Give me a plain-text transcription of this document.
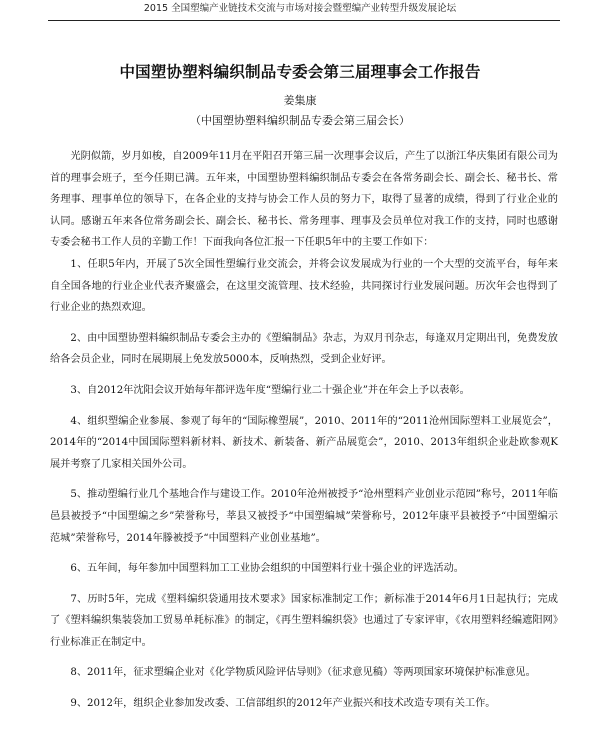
2015 全国塑编产业链技术交流与市场对接会暨塑编产业转型升级发展论坛
中国塑协塑料编织制品专委会第三届理事会工作报告
姜集康
（中国塑协塑料编织制品专委会第三届会长）

光阴似箭，岁月如梭，自2009年11月在平阳召开第三届一次理事会议后，产生了以浙江华庆集团有限公司为首的理事会班子，至今任期已满。五年来，中国塑协塑料编织制品专委会在各常务副会长、副会长、秘书长、常务理事、理事单位的领导下，在各企业的支持与协会工作人员的努力下，取得了显著的成绩，得到了行业企业的认同。感谢五年来各位常务副会长、副会长、秘书长、常务理事、理事及会员单位对我工作的支持，同时也感谢专委会秘书工作人员的辛勤工作！下面我向各位汇报一下任职5年中的主要工作如下：

1、任职5年内，开展了5次全国性塑编行业交流会，并将会议发展成为行业的一个大型的交流平台，每年来自全国各地的行业企业代表齐聚盛会，在这里交流管理、技术经验，共同探讨行业发展问题。历次年会也得到了行业企业的热烈欢迎。

2、由中国塑协塑料编织制品专委会主办的《塑编制品》杂志，为双月刊杂志，每逢双月定期出刊，免费发放给各会员企业，同时在展期展上免发放5000本，反响热烈，受到企业好评。

3、自2012年沈阳会议开始每年都评选年度“塑编行业二十强企业”并在年会上予以表彰。

4、组织塑编企业参展、参观了每年的“国际橡塑展”，2010、2011年的“2011沧州国际塑料工业展览会”，2014年的“2014中国国际塑料新材料、新技术、新装备、新产品展览会”，2010、2013年组织企业赴欧参观K展并考察了几家相关国外公司。

5、推动塑编行业几个基地合作与建设工作。2010年沧州被授予“沧州塑料产业创业示范园”称号，2011年临邑县被授予“中国塑编之乡”荣誉称号，莘县又被授予“中国塑编城”荣誉称号，2012年康平县被授予“中国塑编示范城”荣誉称号，2014年滕被授予“中国塑料产业创业基地”。

6、五年间，每年参加中国塑料加工工业协会组织的中国塑料行业十强企业的评选活动。

7、历时5年，完成《塑料编织袋通用技术要求》国家标准制定工作；新标准于2014年6月1日起执行；完成了《塑料编织集装袋加工贸易单耗标准》的制定，《再生塑料编织袋》也通过了专家评审，《农用塑料经编遮阳网》行业标准正在制定中。

8、2011年，征求塑编企业对《化学物质风险评估导则》（征求意见稿）等两项国家环境保护标准意见。

9、2012年，组织企业参加发改委、工信部组织的2012年产业振兴和技术改造专项有关工作。
